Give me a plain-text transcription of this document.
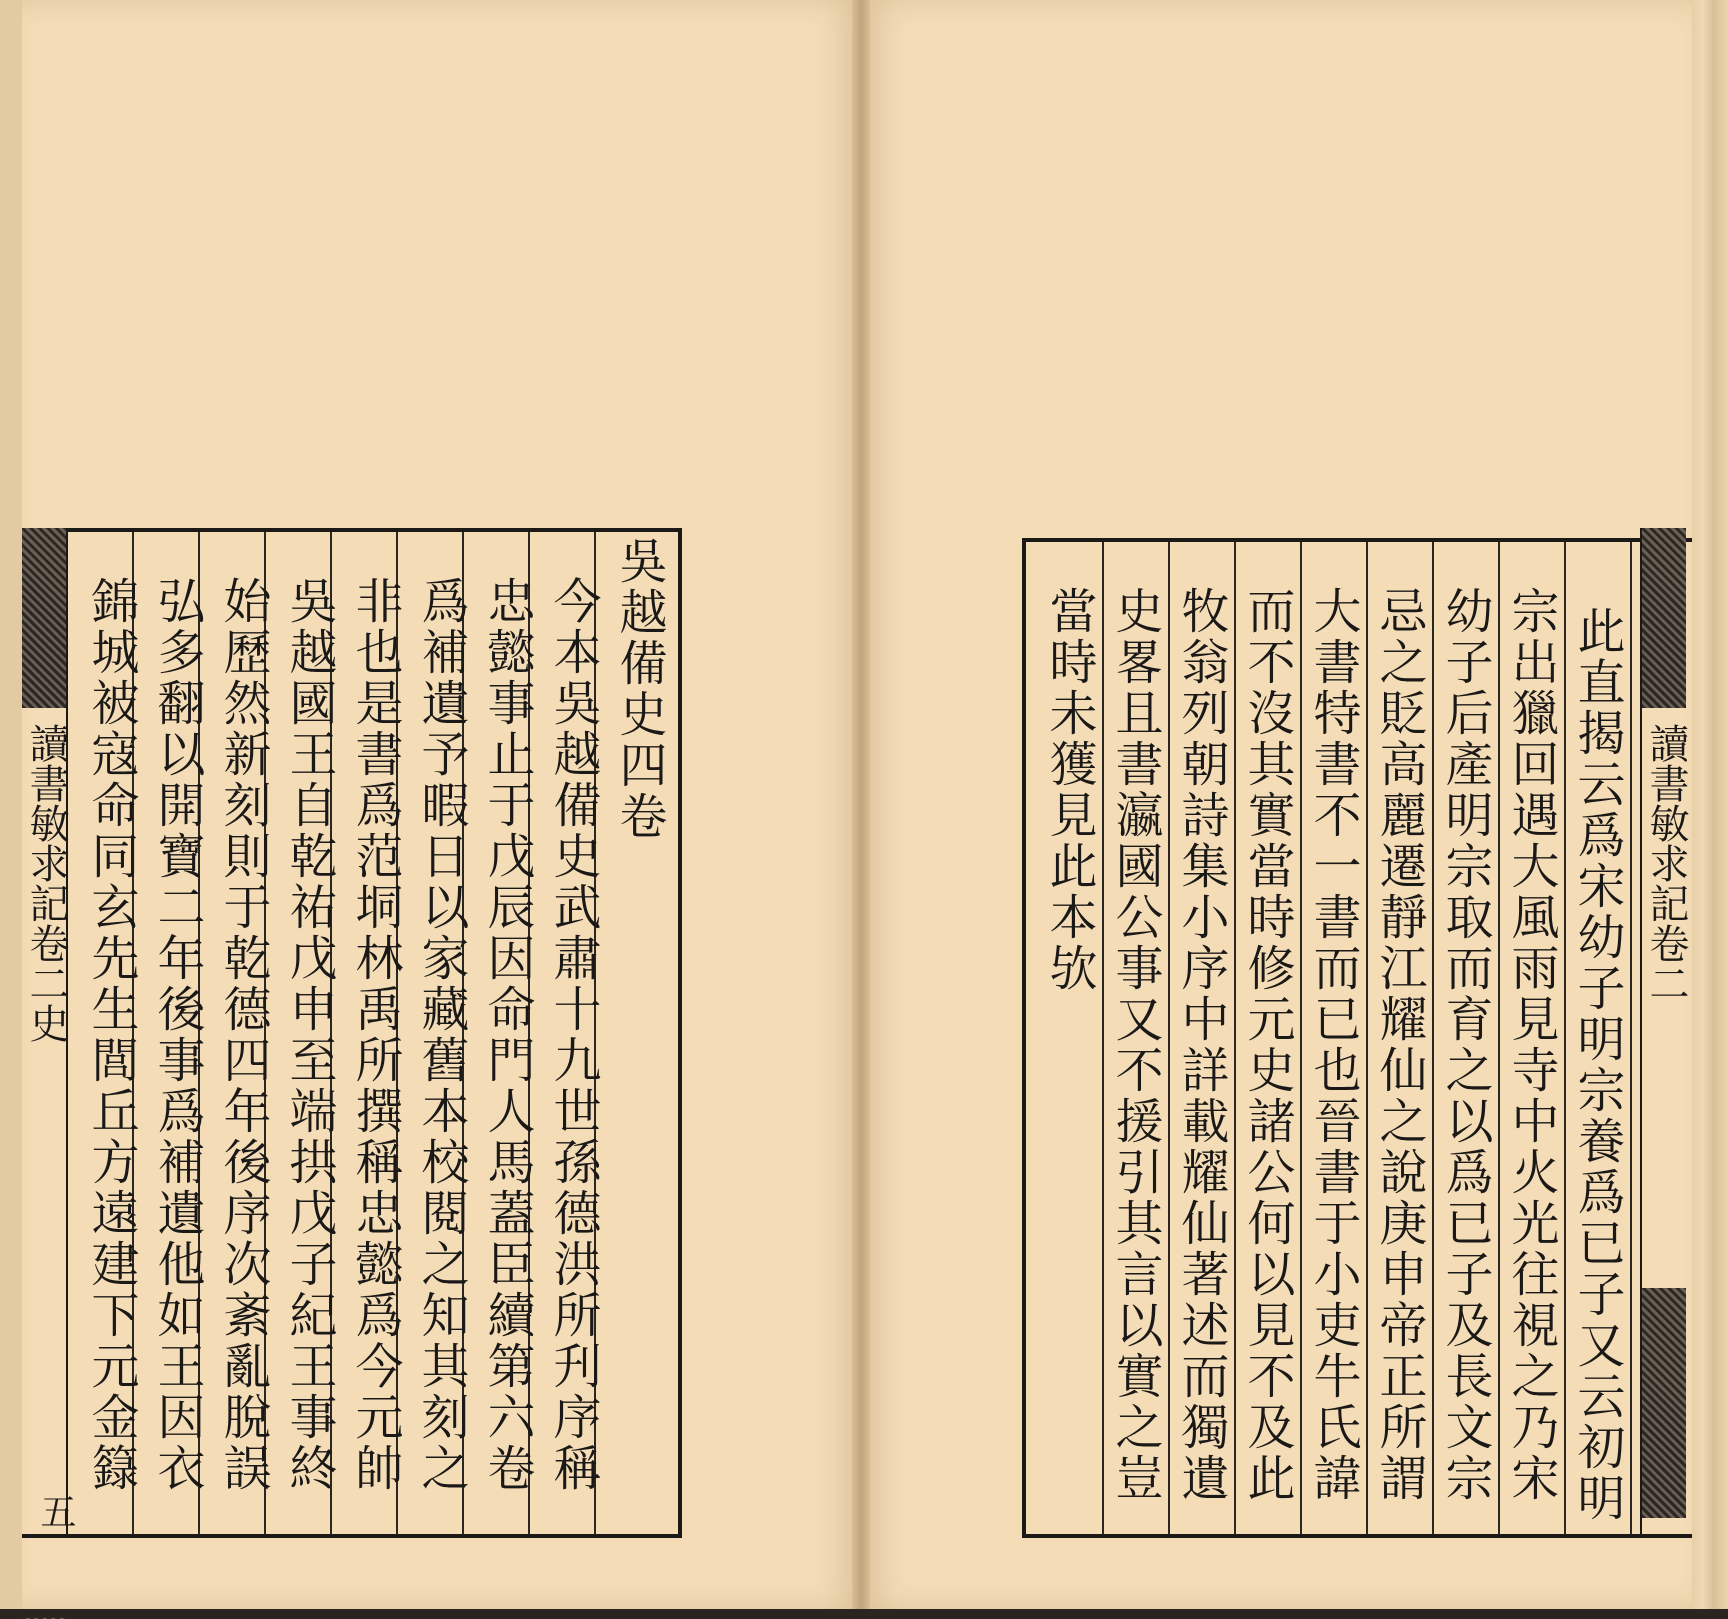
吳越備史四卷
今本吳越備史武肅十九世孫德洪所刋序稱
忠懿事止于戊辰因命門人馬蓋臣續第六卷
爲補遺予暇日以家藏舊本校閱之知其刻之
非也是書爲范垌林禹所撰稱忠懿爲今元帥
吳越國王自乾祐戊申至端拱戊子紀王事終
始歷然新刻則于乾德四年後序次紊亂脫誤
弘多翻以開寶二年後事爲補遺他如王因衣
錦城被寇命同玄先生閭丘方遠建下元金籙
讀書敏求記卷二史
五	此直揭云爲宋幼子明宗養爲已子又云初明
宗出獵回遇大風雨見寺中火光往視之乃宋
幼子后產明宗取而育之以爲已子及長文宗
忌之貶高麗遷靜江耀仙之說庚申帝正所謂
大書特書不一書而已也晉書于小吏牛氏諱
而不沒其實當時修元史諸公何以見不及此
牧翁列朝詩集小序中詳載耀仙著述而獨遺
史畧且書瀛國公事又不援引其言以實之豈
當時未獲見此本欤	讀書敏求記卷二
